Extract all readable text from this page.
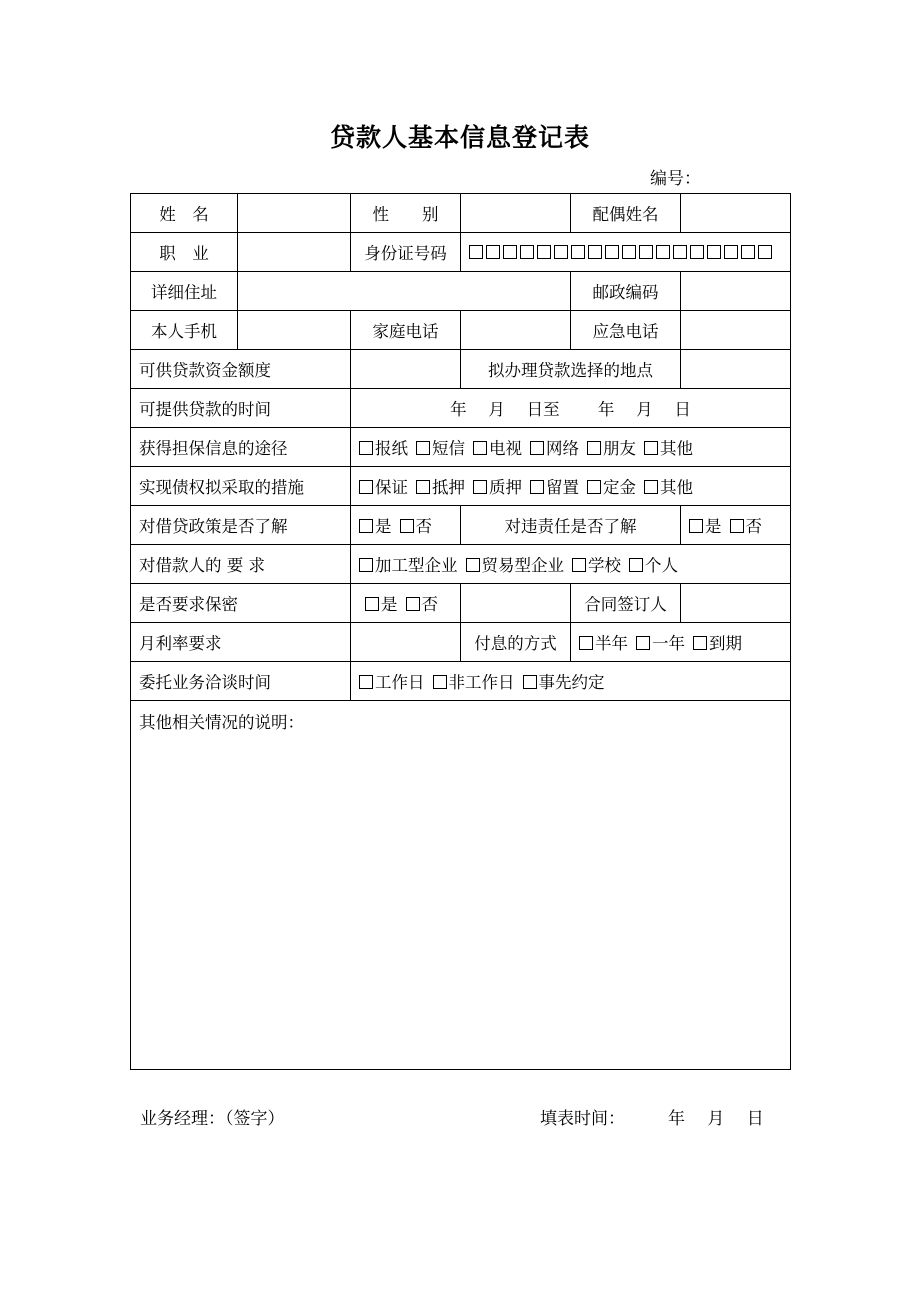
贷款人基本信息登记表
编号：
姓　名		性　　别		配偶姓名	
职　业		身份证号码			
详细住址				邮政编码	
本人手机		家庭电话		应急电话	
可供贷款资金额度			拟办理贷款选择的地点		
可提供贷款的时间		年　 月　 日至　　 年　 月　 日			
获得担保信息的途径		报纸 短信 电视 网络 朋友 其他			
实现债权拟采取的措施		保证 抵押 质押 留置 定金 其他			
对借贷政策是否了解		是 否	对违责任是否了解		是 否
对借款人的 要 求		加工型企业 贸易型企业 学校 个人			
是否要求保密		是 否		合同签订人	
月利率要求			付息的方式	半年 一年 到期	
委托业务洽谈时间		工作日 非工作日 事先约定			
其他相关情况的说明：					
业务经理：（签字）	填表时间：	年　 月　 日
